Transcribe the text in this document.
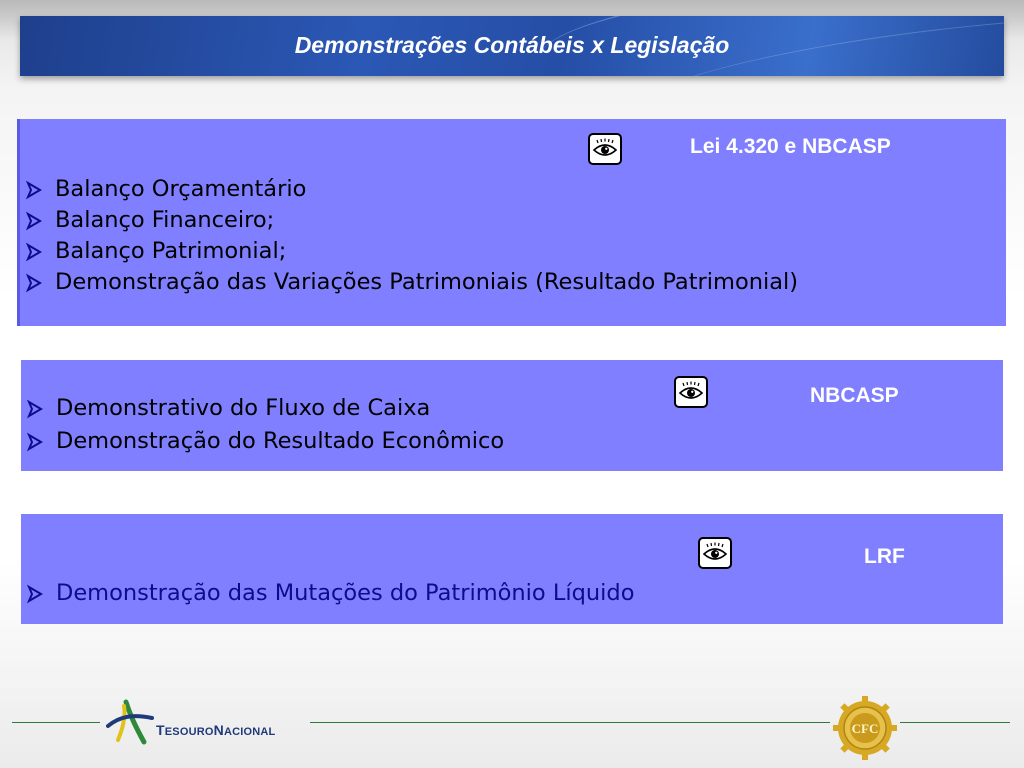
Demonstrações Contábeis x Legislação
Lei 4.320 e NBCASP
Balanço Orçamentário
Balanço Financeiro;
Balanço Patrimonial;
Demonstração das Variações Patrimoniais (Resultado Patrimonial)
NBCASP
Demonstrativo do Fluxo de Caixa
Demonstração do Resultado Econômico
LRF
Demonstração das Mutações do Patrimônio Líquido
TESOURONACIONAL	CFC
